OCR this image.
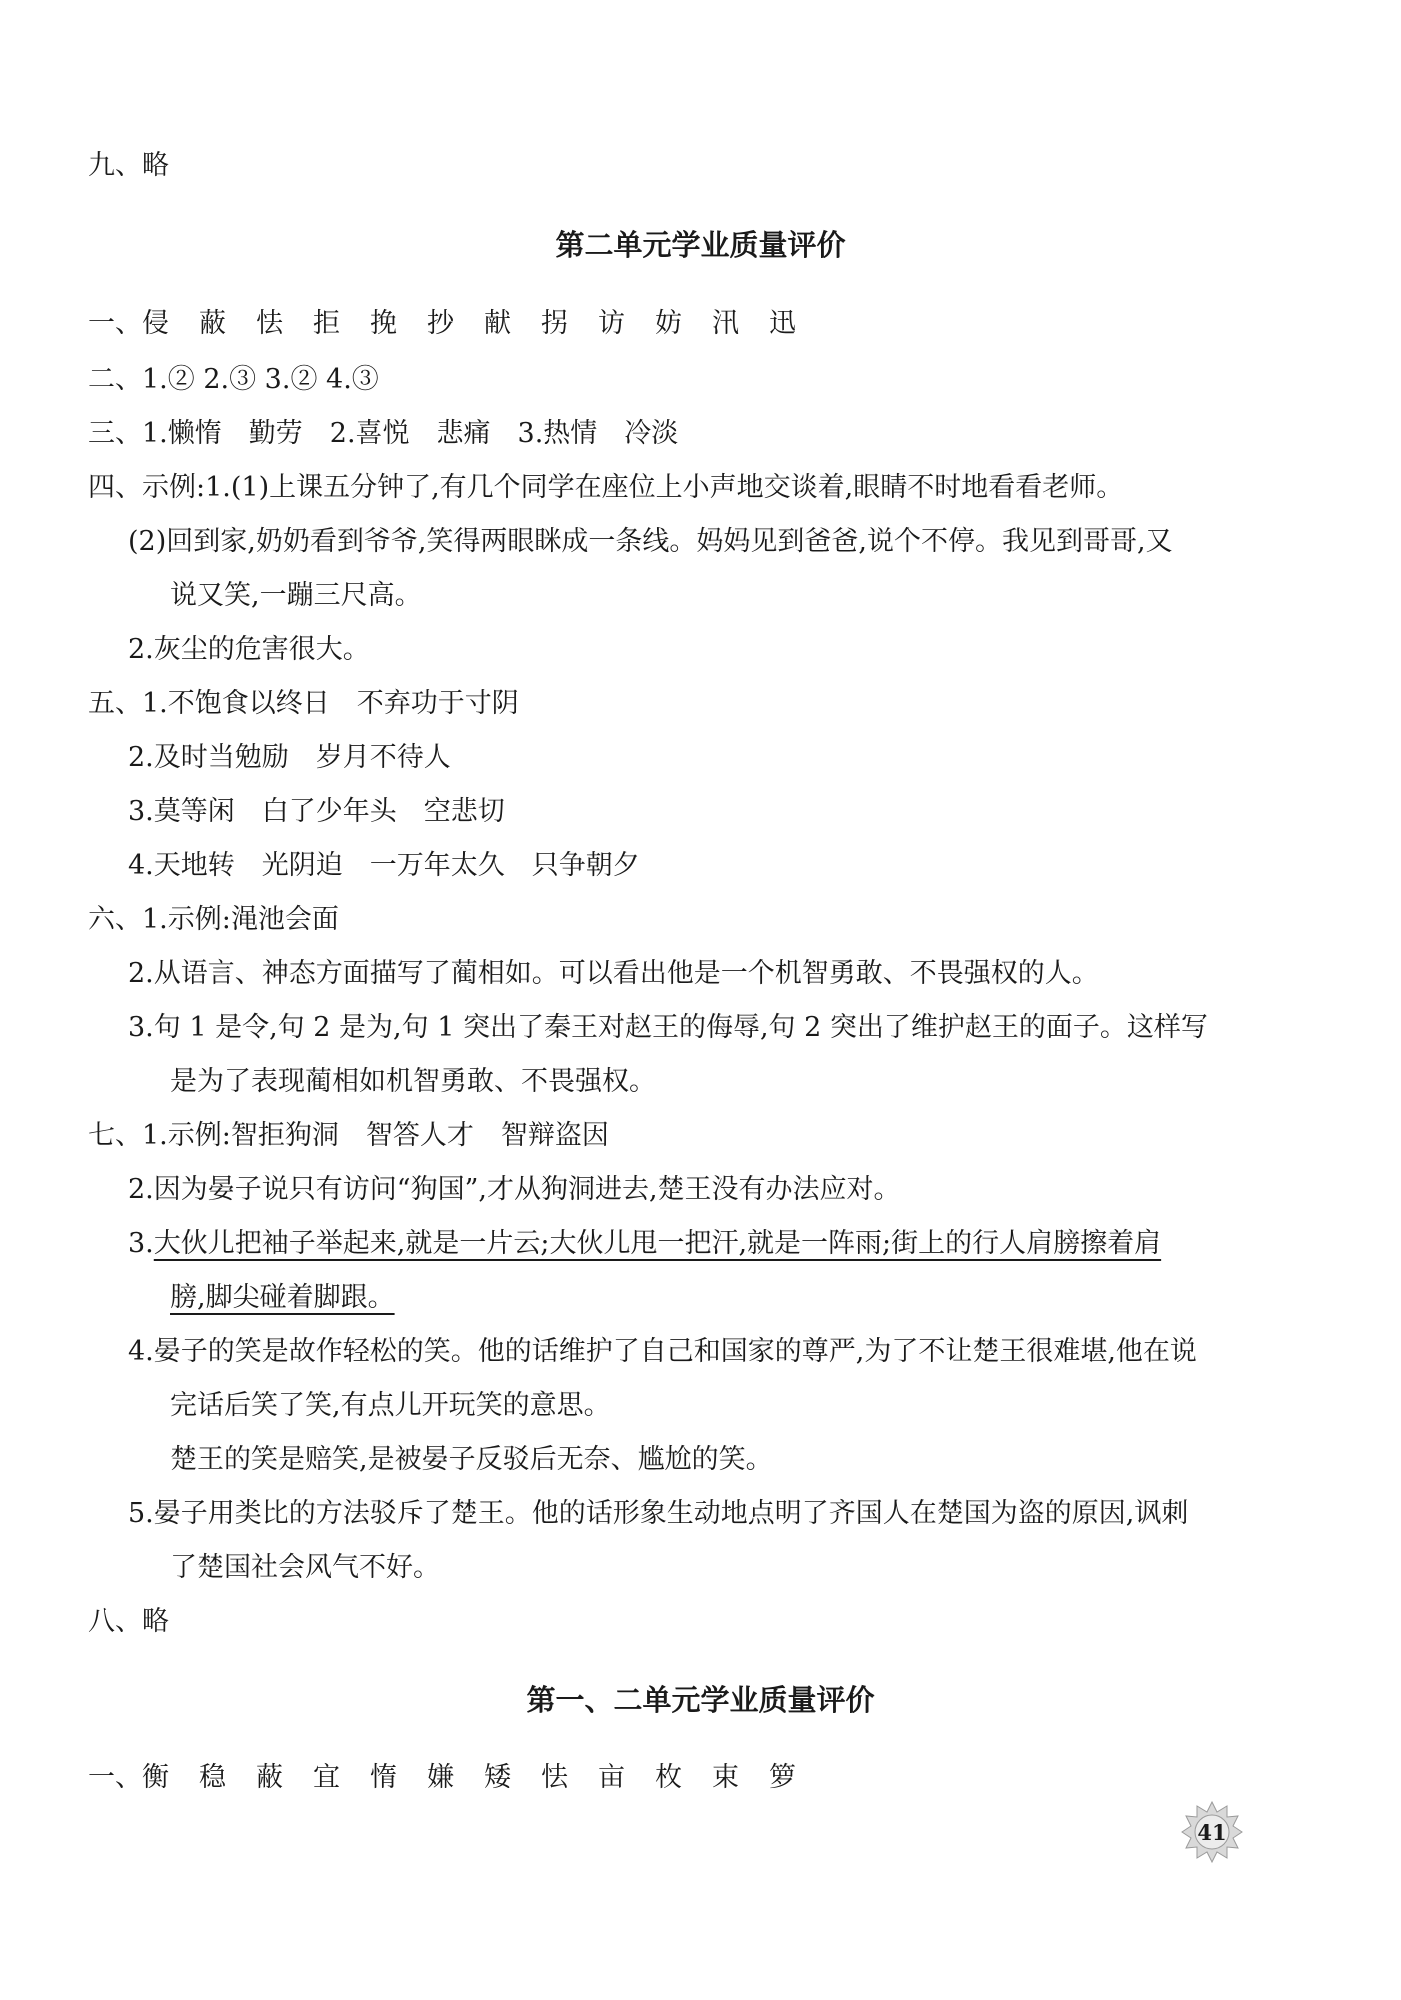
九、略
第二单元学业质量评价
一、侵 蔽 怯 拒 挽 抄 献 拐 访 妨 汛 迅
二、1.② 2.③ 3.② 4.③
三、1.懒惰　勤劳　2.喜悦　悲痛　3.热情　冷淡
四、示例:1.(1)上课五分钟了,有几个同学在座位上小声地交谈着,眼睛不时地看看老师。
(2)回到家,奶奶看到爷爷,笑得两眼眯成一条线。妈妈见到爸爸,说个不停。我见到哥哥,又
说又笑,一蹦三尺高。
2.灰尘的危害很大。
五、1.不饱食以终日　不弃功于寸阴
2.及时当勉励　岁月不待人
3.莫等闲　白了少年头　空悲切
4.天地转　光阴迫　一万年太久　只争朝夕
六、1.示例:渑池会面
2.从语言、神态方面描写了蔺相如。可以看出他是一个机智勇敢、不畏强权的人。
3.句 1 是令,句 2 是为,句 1 突出了秦王对赵王的侮辱,句 2 突出了维护赵王的面子。这样写
是为了表现蔺相如机智勇敢、不畏强权。
七、1.示例:智拒狗洞　智答人才　智辩盗因
2.因为晏子说只有访问“狗国”,才从狗洞进去,楚王没有办法应对。
3.大伙儿把袖子举起来,就是一片云;大伙儿甩一把汗,就是一阵雨;街上的行人肩膀擦着肩
膀,脚尖碰着脚跟。
4.晏子的笑是故作轻松的笑。他的话维护了自己和国家的尊严,为了不让楚王很难堪,他在说
完话后笑了笑,有点儿开玩笑的意思。
楚王的笑是赔笑,是被晏子反驳后无奈、尴尬的笑。
5.晏子用类比的方法驳斥了楚王。他的话形象生动地点明了齐国人在楚国为盗的原因,讽刺
了楚国社会风气不好。
八、略
第一、二单元学业质量评价
一、衡 稳 蔽 宜 惰 嫌 矮 怯 亩 枚 束 箩
41
